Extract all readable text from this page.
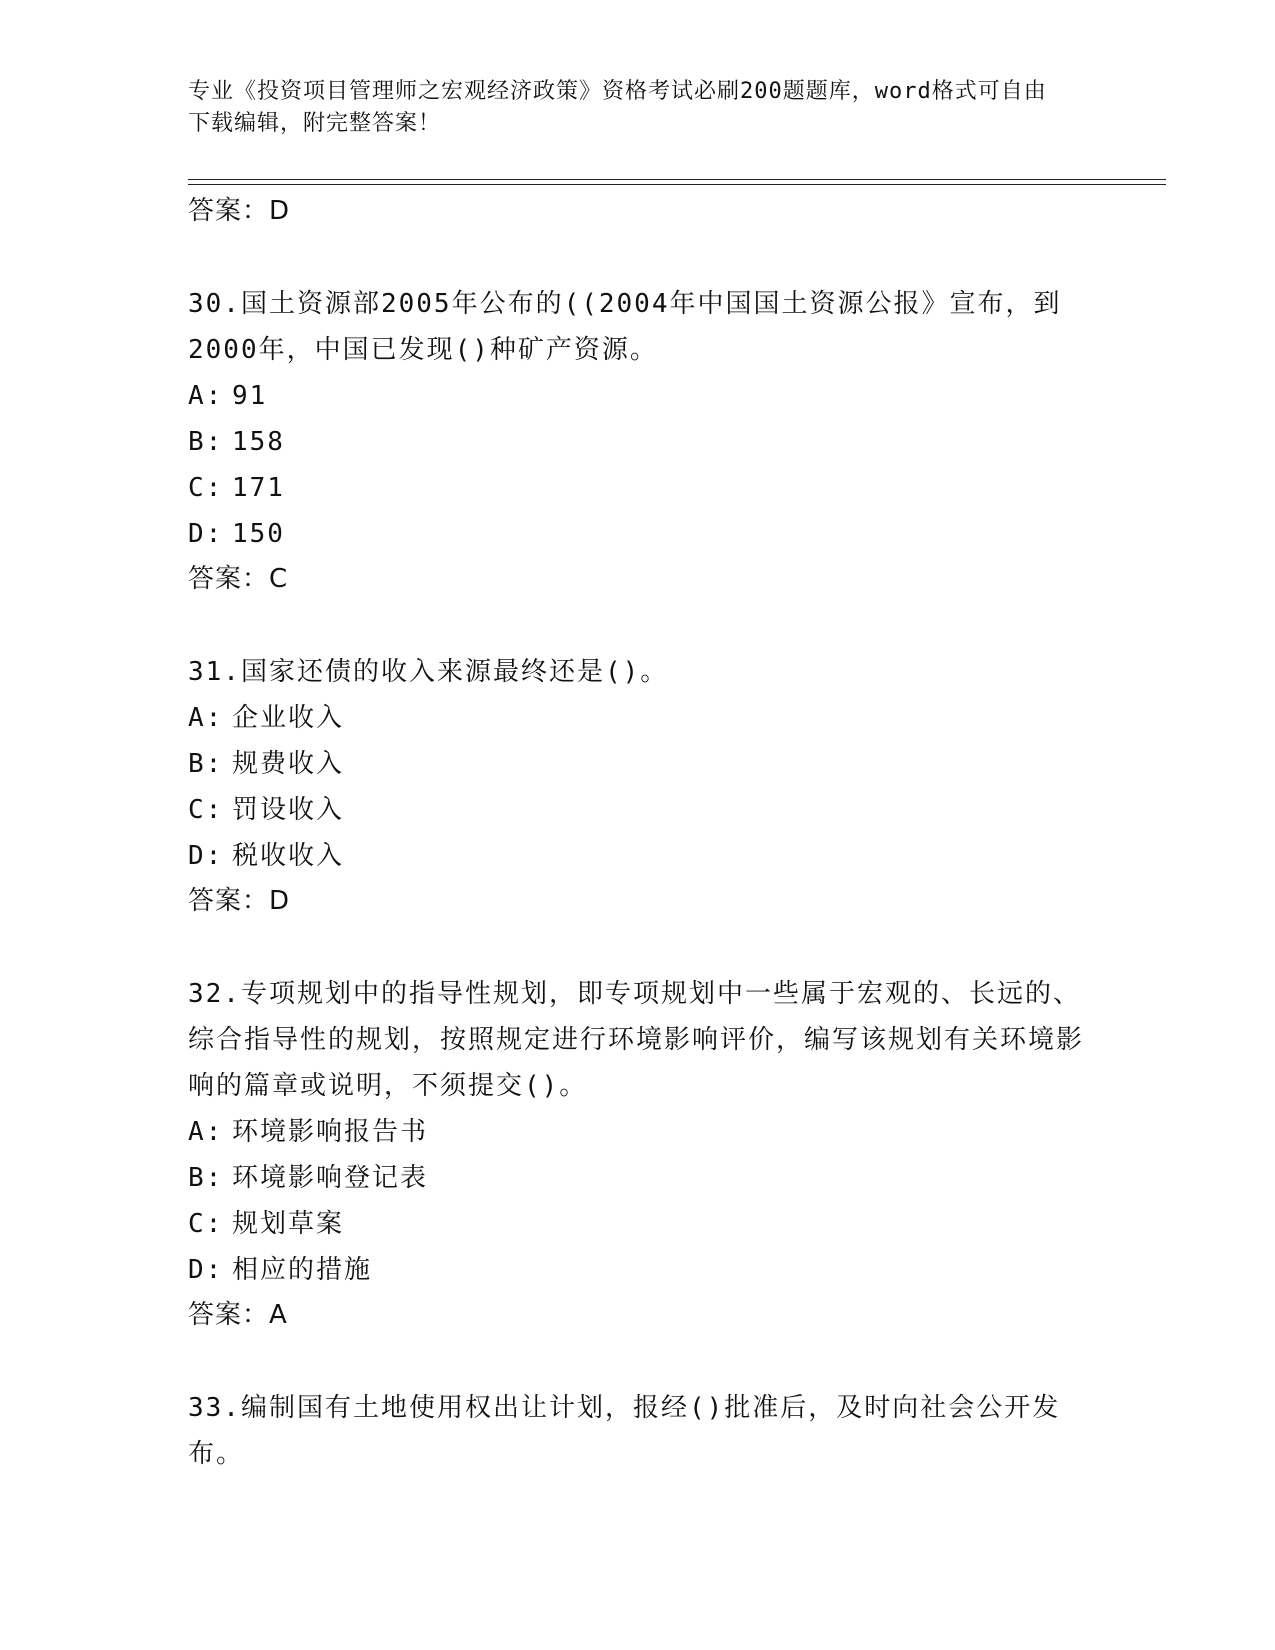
专业《投资项目管理师之宏观经济政策》资格考试必刷200题题库，word格式可自由下载编辑，附完整答案！
答案：D
30.国土资源部2005年公布的((2004年中国国土资源公报》宣布，到2000年，中国已发现()种矿产资源。
A: 91
B: 158
C: 171
D: 150
答案：C
31.国家还债的收入来源最终还是()。
A: 企业收入
B: 规费收入
C: 罚设收入
D: 税收收入
答案：D
32.专项规划中的指导性规划，即专项规划中一些属于宏观的、长远的、综合指导性的规划，按照规定进行环境影响评价，编写该规划有关环境影响的篇章或说明，不须提交()。
A: 环境影响报告书
B: 环境影响登记表
C: 规划草案
D: 相应的措施
答案：A
33.编制国有土地使用权出让计划，报经()批准后，及时向社会公开发布。
